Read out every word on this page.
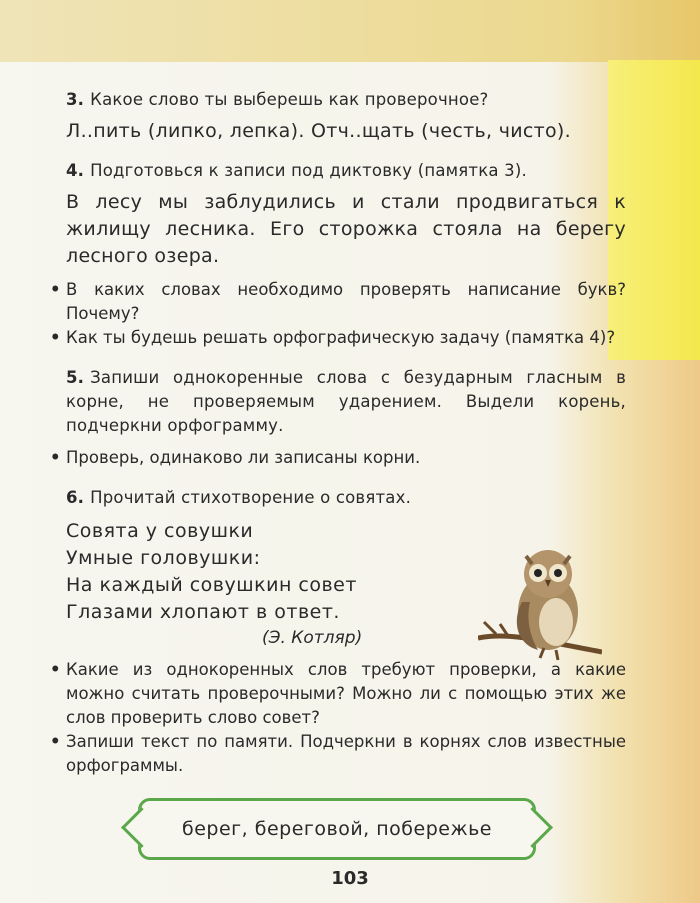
3. Какое слово ты выберешь как проверочное?

Л..пить (липко, лепка). Отч..щать (честь, чисто).

4. Подготовься к записи под диктовку (памятка 3).

В лесу мы заблудились и стали продвигаться к жилищу лесника. Его сторожка стояла на берегу лесного озера.

• В каких словах необходимо проверять написание букв? Почему?

• Как ты будешь решать орфографическую задачу (памятка 4)?

5. Запиши однокоренные слова с безударным гласным в корне, не проверяемым ударением. Выдели корень, подчеркни орфограмму.

• Проверь, одинаково ли записаны корни.

6. Прочитай стихотворение о совятах.

Совята у совушки
Умные головушки:
На каждый совушкин совет
Глазами хлопают в ответ.
(Э. Котляр)

• Какие из однокоренных слов требуют проверки, а какие можно считать проверочными? Можно ли с помощью этих же слов проверить слово совет?

• Запиши текст по памяти. Подчеркни в корнях слов известные орфограммы.

берег, береговой, побережье
103
